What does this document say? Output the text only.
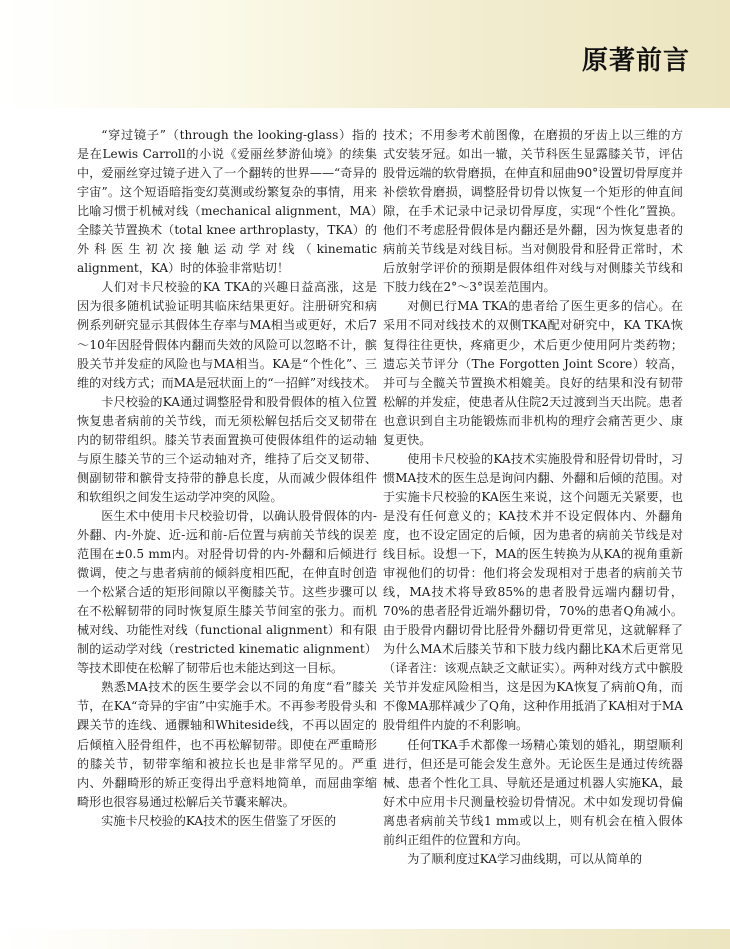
原著前言

“穿过镜子”（through the looking-glass）指的是在Lewis Carroll的小说《爱丽丝梦游仙境》的续集中，爱丽丝穿过镜子进入了一个翻转的世界——“奇异的宇宙”。这个短语暗指变幻莫测或纷繁复杂的事情，用来比喻习惯于机械对线（mechanical alignment，MA）全膝关节置换术（total knee arthroplasty，TKA）的外科医生初次接触运动学对线（kinematic alignment，KA）时的体验非常贴切！

人们对卡尺校验的KA TKA的兴趣日益高涨，这是因为很多随机试验证明其临床结果更好。注册研究和病例系列研究显示其假体生存率与MA相当或更好，术后7～10年因胫骨假体内翻而失效的风险可以忽略不计，髌股关节并发症的风险也与MA相当。KA是“个性化”、三维的对线方式；而MA是冠状面上的“一招鲜”对线技术。

卡尺校验的KA通过调整胫骨和股骨假体的植入位置恢复患者病前的关节线，而无须松解包括后交叉韧带在内的韧带组织。膝关节表面置换可使假体组件的运动轴与原生膝关节的三个运动轴对齐，维持了后交叉韧带、侧副韧带和髌骨支持带的静息长度，从而减少假体组件和软组织之间发生运动学冲突的风险。

医生术中使用卡尺校验切骨，以确认股骨假体的内-外翻、内-外旋、近-远和前-后位置与病前关节线的误差范围在±0.5 mm内。对胫骨切骨的内-外翻和后倾进行微调，使之与患者病前的倾斜度相匹配，在伸直时创造一个松紧合适的矩形间隙以平衡膝关节。这些步骤可以在不松解韧带的同时恢复原生膝关节间室的张力。而机械对线、功能性对线（functional alignment）和有限制的运动学对线（restricted kinematic alignment）等技术即使在松解了韧带后也未能达到这一目标。

熟悉MA技术的医生要学会以不同的角度“看”膝关节，在KA“奇异的宇宙”中实施手术。不再参考股骨头和踝关节的连线、通髁轴和Whiteside线，不再以固定的后倾植入胫骨组件，也不再松解韧带。即使在严重畸形的膝关节，韧带挛缩和被拉长也是非常罕见的。严重内、外翻畸形的矫正变得出乎意料地简单，而屈曲挛缩畸形也很容易通过松解后关节囊来解决。

实施卡尺校验的KA技术的医生借鉴了牙医的

技术；不用参考术前图像，在磨损的牙齿上以三维的方式安装牙冠。如出一辙，关节科医生显露膝关节，评估股骨远端的软骨磨损，在伸直和屈曲90°设置切骨厚度并补偿软骨磨损，调整胫骨切骨以恢复一个矩形的伸直间隙，在手术记录中记录切骨厚度，实现“个性化”置换。他们不考虑胫骨假体是内翻还是外翻，因为恢复患者的病前关节线是对线目标。当对侧股骨和胫骨正常时，术后放射学评价的预期是假体组件对线与对侧膝关节线和下肢力线在2°～3°误差范围内。

对侧已行MA TKA的患者给了医生更多的信心。在采用不同对线技术的双侧TKA配对研究中，KA TKA恢复得往往更快，疼痛更少，术后更少使用阿片类药物；遗忘关节评分（The Forgotten Joint Score）较高，并可与全髋关节置换术相媲美。良好的结果和没有韧带松解的并发症，使患者从住院2天过渡到当天出院。患者也意识到自主功能锻炼而非机构的理疗会痛苦更少、康复更快。

使用卡尺校验的KA技术实施股骨和胫骨切骨时，习惯MA技术的医生总是询问内翻、外翻和后倾的范围。对于实施卡尺校验的KA医生来说，这个问题无关紧要，也是没有任何意义的；KA技术并不设定假体内、外翻角度，也不设定固定的后倾，因为患者的病前关节线是对线目标。设想一下，MA的医生转换为从KA的视角重新审视他们的切骨：他们将会发现相对于患者的病前关节线，MA技术将导致85%的患者股骨远端内翻切骨，70%的患者胫骨近端外翻切骨，70%的患者Q角减小。由于股骨内翻切骨比胫骨外翻切骨更常见，这就解释了为什么MA术后膝关节和下肢力线内翻比KA术后更常见（译者注：该观点缺乏文献证实）。两种对线方式中髌股关节并发症风险相当，这是因为KA恢复了病前Q角，而不像MA那样减少了Q角，这种作用抵消了KA相对于MA股骨组件内旋的不利影响。

任何TKA手术都像一场精心策划的婚礼，期望顺利进行，但还是可能会发生意外。无论医生是通过传统器械、患者个性化工具、导航还是通过机器人实施KA，最好术中应用卡尺测量校验切骨情况。术中如发现切骨偏离患者病前关节线1 mm或以上，则有机会在植入假体前纠正组件的位置和方向。

为了顺利度过KA学习曲线期，可以从简单的
